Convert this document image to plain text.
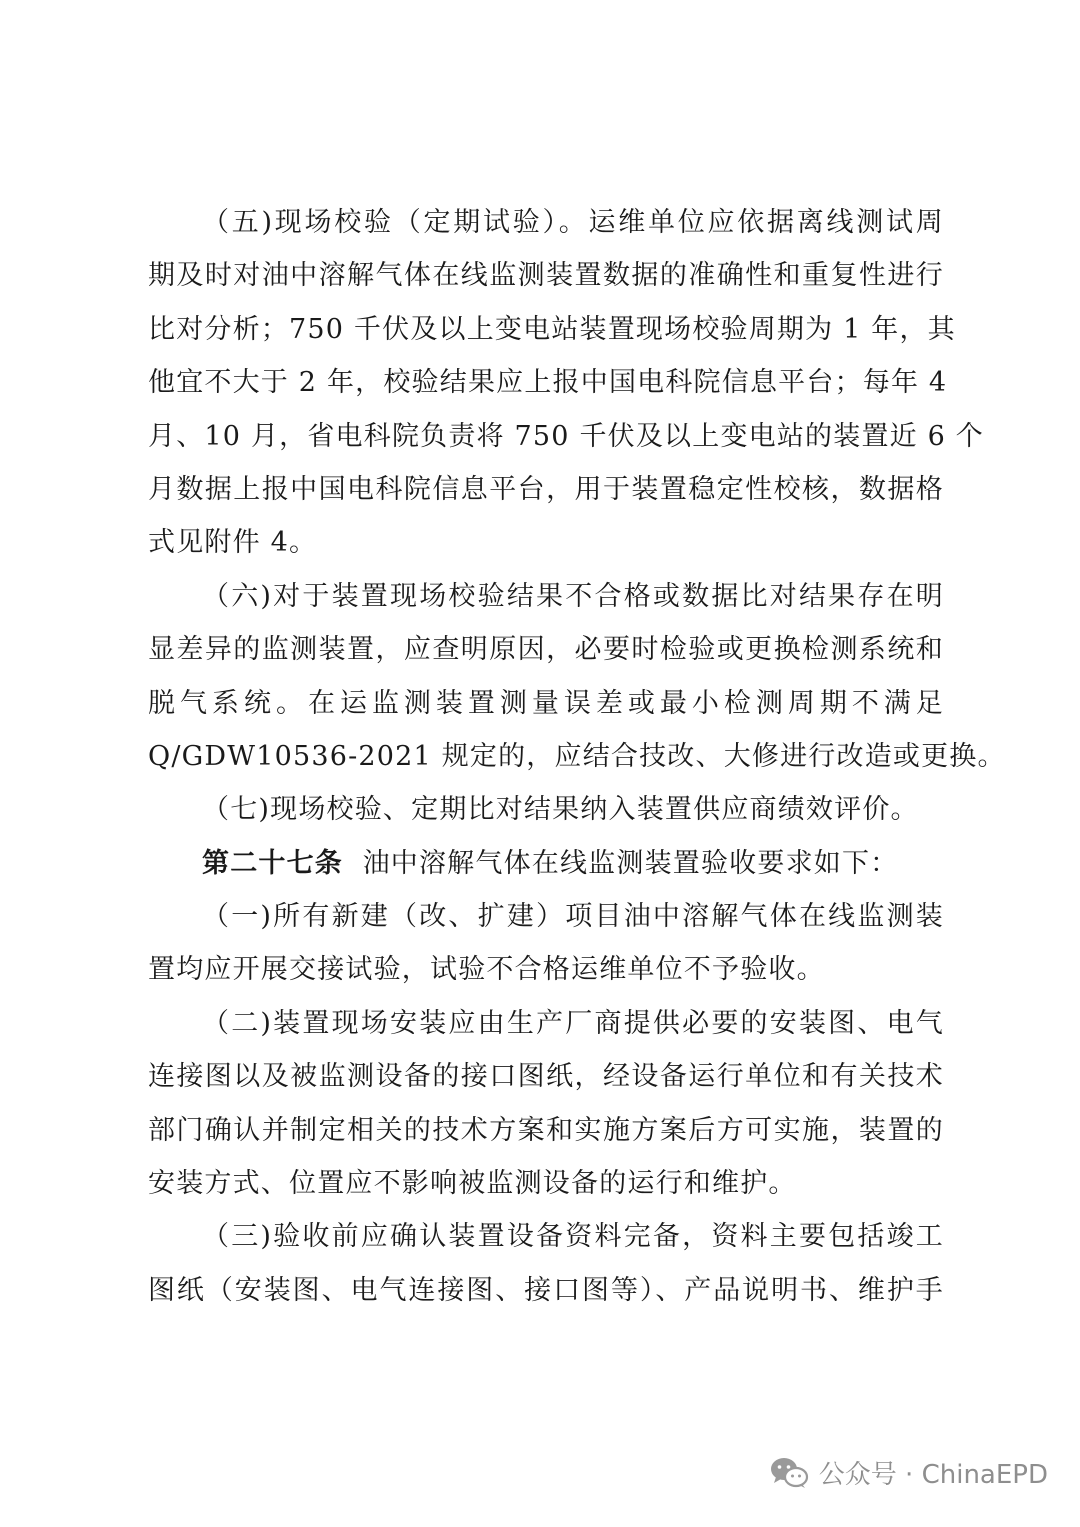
（五)现场校验（定期试验）。运维单位应依据离线测试周
期及时对油中溶解气体在线监测装置数据的准确性和重复性进行
比对分析；750 千伏及以上变电站装置现场校验周期为 1 年，其
他宜不大于 2 年，校验结果应上报中国电科院信息平台；每年 4
月、10 月，省电科院负责将 750 千伏及以上变电站的装置近 6 个
月数据上报中国电科院信息平台，用于装置稳定性校核，数据格
式见附件 4。
（六)对于装置现场校验结果不合格或数据比对结果存在明
显差异的监测装置，应查明原因，必要时检验或更换检测系统和
脱气系统。在运监测装置测量误差或最小检测周期不满足
Q/GDW10536-2021 规定的，应结合技改、大修进行改造或更换。
（七)现场校验、定期比对结果纳入装置供应商绩效评价。
第二十七条 油中溶解气体在线监测装置验收要求如下：
（一)所有新建（改、扩建）项目油中溶解气体在线监测装
置均应开展交接试验，试验不合格运维单位不予验收。
（二)装置现场安装应由生产厂商提供必要的安装图、电气
连接图以及被监测设备的接口图纸，经设备运行单位和有关技术
部门确认并制定相关的技术方案和实施方案后方可实施，装置的
安装方式、位置应不影响被监测设备的运行和维护。
（三)验收前应确认装置设备资料完备，资料主要包括竣工
图纸（安装图、电气连接图、接口图等）、产品说明书、维护手
公众号 · ChinaEPD
